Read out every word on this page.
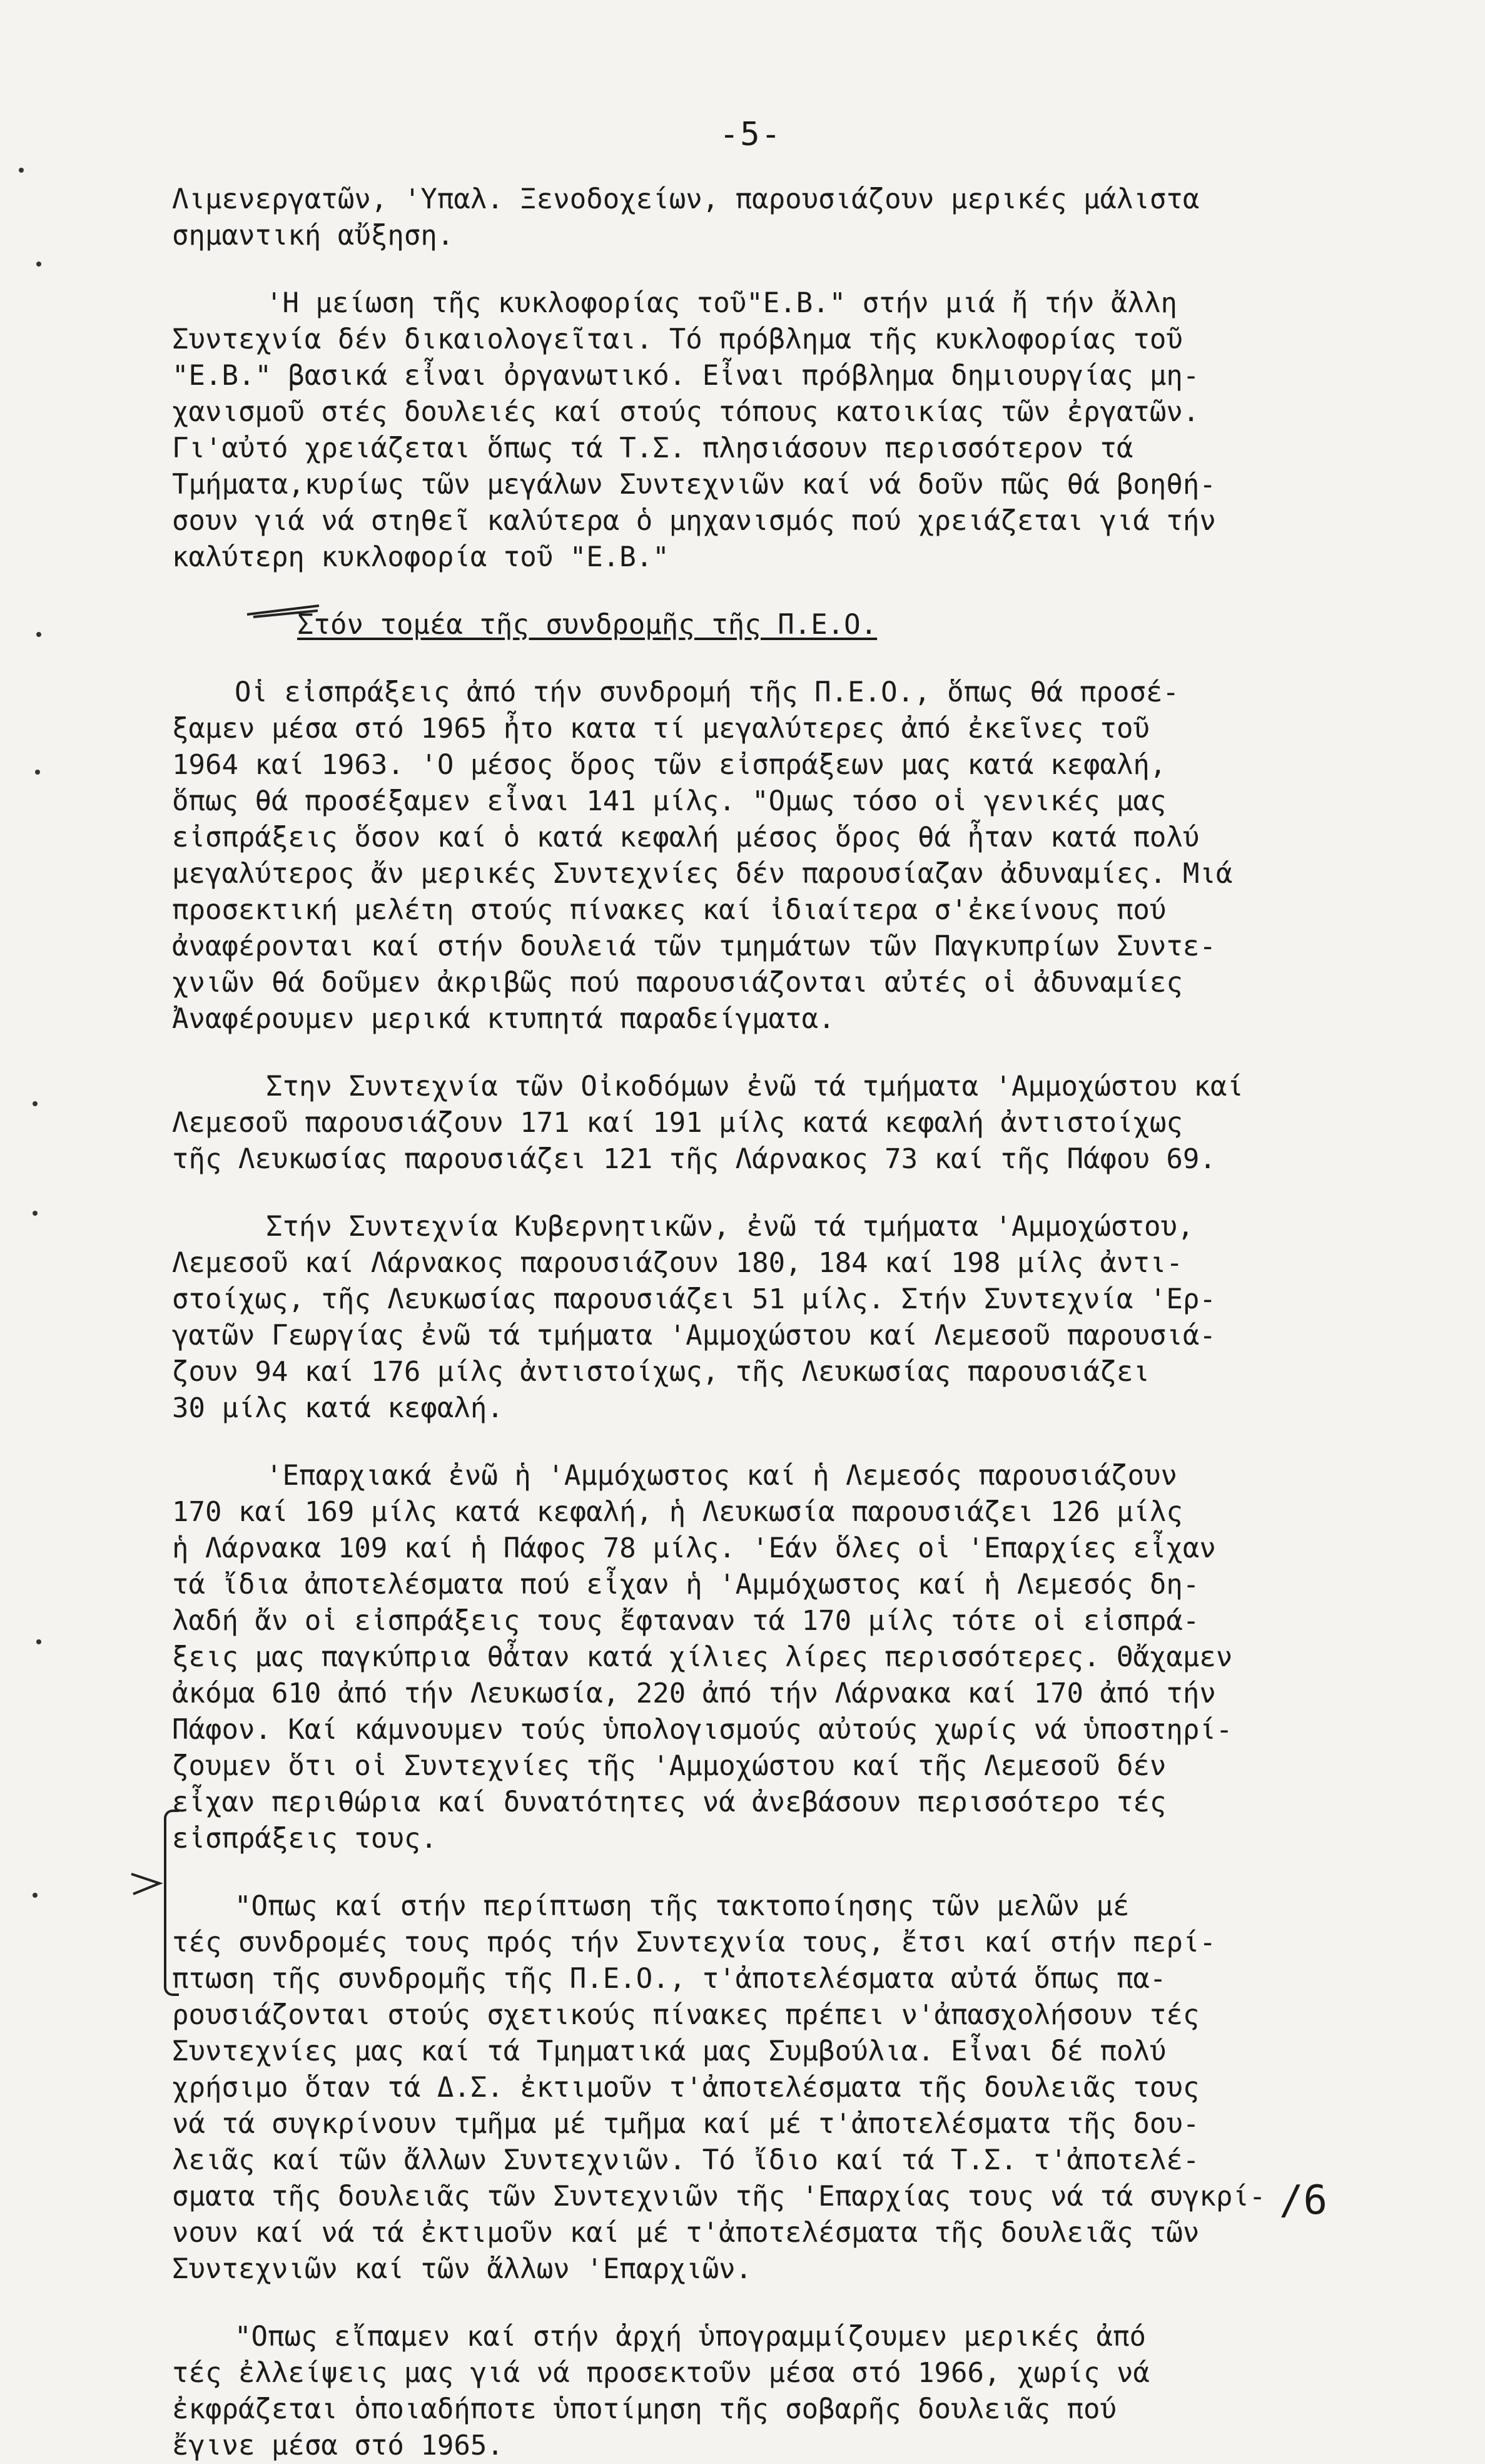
-5-
Λιμενεργατῶν, 'Υπαλ. Ξενοδοχείων, παρουσιάζουν μερικές μάλιστα
σημαντική αὔξηση.
'Η μείωση τῆς κυκλοφορίας τοῦ"Ε.Β." στήν μιά ἤ τήν ἄλλη
Συντεχνία δέν δικαιολογεῖται. Τό πρόβλημα τῆς κυκλοφορίας τοῦ
"Ε.Β." βασικά εἶναι ὀργανωτικό. Εἶναι πρόβλημα δημιουργίας μη-
χανισμοῦ στές δουλειές καί στούς τόπους κατοικίας τῶν ἐργατῶν.
Γι'αὐτό χρειάζεται ὅπως τά Τ.Σ. πλησιάσουν περισσότερον τά
Τμήματα,κυρίως τῶν μεγάλων Συντεχνιῶν καί νά δοῦν πῶς θά βοηθή-
σουν γιά νά στηθεῖ καλύτερα ὁ μηχανισμός πού χρειάζεται γιά τήν
καλύτερη κυκλοφορία τοῦ "Ε.Β."
Στόν τομέα τῆς συνδρομῆς τῆς Π.Ε.Ο.
Οἱ εἰσπράξεις ἀπό τήν συνδρομή τῆς Π.Ε.Ο., ὅπως θά προσέ-
ξαμεν μέσα στό 1965 ἦτο κατα τί μεγαλύτερες ἀπό ἐκεῖνες τοῦ
1964 καί 1963. 'Ο μέσος ὅρος τῶν εἰσπράξεων μας κατά κεφαλή,
ὅπως θά προσέξαμεν εἶναι 141 μίλς. "Ομως τόσο οἱ γενικές μας
εἰσπράξεις ὅσον καί ὁ κατά κεφαλή μέσος ὅρος θά ἦταν κατά πολύ
μεγαλύτερος ἄν μερικές Συντεχνίες δέν παρουσίαζαν ἀδυναμίες. Μιά
προσεκτική μελέτη στούς πίνακες καί ἰδιαίτερα σ'ἐκείνους πού
ἀναφέρονται καί στήν δουλειά τῶν τμημάτων τῶν Παγκυπρίων Συντε-
χνιῶν θά δοῦμεν ἀκριβῶς πού παρουσιάζονται αὐτές οἱ ἀδυναμίες
Ἀναφέρουμεν μερικά κτυπητά παραδείγματα.
Στην Συντεχνία τῶν Οἰκοδόμων ἐνῶ τά τμήματα 'Αμμοχώστου καί
Λεμεσοῦ παρουσιάζουν 171 καί 191 μίλς κατά κεφαλή ἀντιστοίχως
τῆς Λευκωσίας παρουσιάζει 121 τῆς Λάρνακος 73 καί τῆς Πάφου 69.
Στήν Συντεχνία Κυβερνητικῶν, ἐνῶ τά τμήματα 'Αμμοχώστου,
Λεμεσοῦ καί Λάρνακος παρουσιάζουν 180, 184 καί 198 μίλς ἀντι-
στοίχως, τῆς Λευκωσίας παρουσιάζει 51 μίλς. Στήν Συντεχνία 'Ερ-
γατῶν Γεωργίας ἐνῶ τά τμήματα 'Αμμοχώστου καί Λεμεσοῦ παρουσιά-
ζουν 94 καί 176 μίλς ἀντιστοίχως, τῆς Λευκωσίας παρουσιάζει
30 μίλς κατά κεφαλή.
'Επαρχιακά ἐνῶ ἡ 'Αμμόχωστος καί ἡ Λεμεσός παρουσιάζουν
170 καί 169 μίλς κατά κεφαλή, ἡ Λευκωσία παρουσιάζει 126 μίλς
ἡ Λάρνακα 109 καί ἡ Πάφος 78 μίλς. 'Εάν ὅλες οἱ 'Επαρχίες εἶχαν
τά ἴδια ἀποτελέσματα πού εἶχαν ἡ 'Αμμόχωστος καί ἡ Λεμεσός δη-
λαδή ἄν οἱ εἰσπράξεις τους ἔφταναν τά 170 μίλς τότε οἱ εἰσπρά-
ξεις μας παγκύπρια θἆταν κατά χίλιες λίρες περισσότερες. Θἄχαμεν
ἀκόμα 610 ἀπό τήν Λευκωσία, 220 ἀπό τήν Λάρνακα καί 170 ἀπό τήν
Πάφον. Καί κάμνουμεν τούς ὑπολογισμούς αὐτούς χωρίς νά ὑποστηρί-
ζουμεν ὅτι οἱ Συντεχνίες τῆς 'Αμμοχώστου καί τῆς Λεμεσοῦ δέν
εἶχαν περιθώρια καί δυνατότητες νά ἀνεβάσουν περισσότερο τές
εἰσπράξεις τους.
"Οπως καί στήν περίπτωση τῆς τακτοποίησης τῶν μελῶν μέ
τές συνδρομές τους πρός τήν Συντεχνία τους, ἔτσι καί στήν περί-
πτωση τῆς συνδρομῆς τῆς Π.Ε.Ο., τ'ἀποτελέσματα αὐτά ὅπως πα-
ρουσιάζονται στούς σχετικούς πίνακες πρέπει ν'ἀπασχολήσουν τές
Συντεχνίες μας καί τά Τμηματικά μας Συμβούλια. Εἶναι δέ πολύ
χρήσιμο ὅταν τά Δ.Σ. ἐκτιμοῦν τ'ἀποτελέσματα τῆς δουλειᾶς τους
νά τά συγκρίνουν τμῆμα μέ τμῆμα καί μέ τ'ἀποτελέσματα τῆς δου-
λειᾶς καί τῶν ἄλλων Συντεχνιῶν. Τό ἴδιο καί τά Τ.Σ. τ'ἀποτελέ-
σματα τῆς δουλειᾶς τῶν Συντεχνιῶν τῆς 'Επαρχίας τους νά τά συγκρί-
νουν καί νά τά ἐκτιμοῦν καί μέ τ'ἀποτελέσματα τῆς δουλειᾶς τῶν
Συντεχνιῶν καί τῶν ἄλλων 'Επαρχιῶν.
"Οπως εἴπαμεν καί στήν ἀρχή ὑπογραμμίζουμεν μερικές ἀπό
τές ἐλλείψεις μας γιά νά προσεκτοῦν μέσα στό 1966, χωρίς νά
ἐκφράζεται ὁποιαδήποτε ὑποτίμηση τῆς σοβαρῆς δουλειᾶς πού
ἔγινε μέσα στό 1965.
/6
